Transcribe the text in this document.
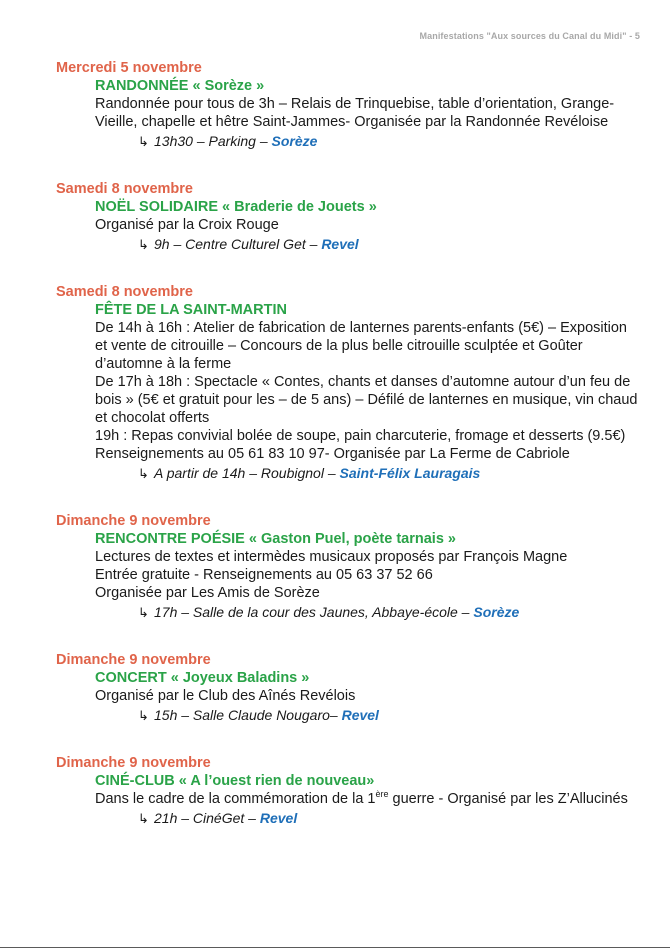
Manifestations "Aux sources du Canal du Midi" - 5
Mercredi 5 novembre
RANDONNÉE « Sorèze »

Randonnée pour tous de 3h – Relais de Trinquebise, table d’orientation, Grange-Vieille, chapelle et hêtre Saint-Jammes- Organisée par la Randonnée Revéloise

↳ 13h30 – Parking – Sorèze
Samedi 8 novembre
NOËL SOLIDAIRE « Braderie de Jouets »

Organisé par la Croix Rouge

↳ 9h – Centre Culturel Get – Revel
Samedi 8 novembre
FÊTE DE LA SAINT-MARTIN

De 14h à 16h : Atelier de fabrication de lanternes parents-enfants (5€) – Exposition et vente de citrouille – Concours de la plus belle citrouille sculptée et Goûter d’automne à la ferme

De 17h à 18h : Spectacle « Contes, chants et danses d’automne autour d’un feu de bois » (5€ et gratuit pour les – de 5 ans) – Défilé de lanternes en musique, vin chaud et chocolat offerts

19h : Repas convivial bolée de soupe, pain charcuterie, fromage et desserts (9.5€)

Renseignements au 05 61 83 10 97- Organisée par La Ferme de Cabriole

↳ A partir de 14h – Roubignol – Saint-Félix Lauragais
Dimanche 9 novembre
RENCONTRE POÉSIE « Gaston Puel, poète tarnais »

Lectures de textes et intermèdes musicaux proposés par François Magne

Entrée gratuite - Renseignements au 05 63 37 52 66

Organisée par Les Amis de Sorèze

↳ 17h – Salle de la cour des Jaunes, Abbaye-école – Sorèze
Dimanche 9 novembre
CONCERT « Joyeux Baladins »

Organisé par le Club des Aînés Revélois

↳ 15h – Salle Claude Nougaro– Revel
Dimanche 9 novembre
CINÉ-CLUB « A l’ouest rien de nouveau»

Dans le cadre de la commémoration de la 1ère guerre - Organisé par les Z’Allucinés

↳ 21h – CinéGet – Revel
